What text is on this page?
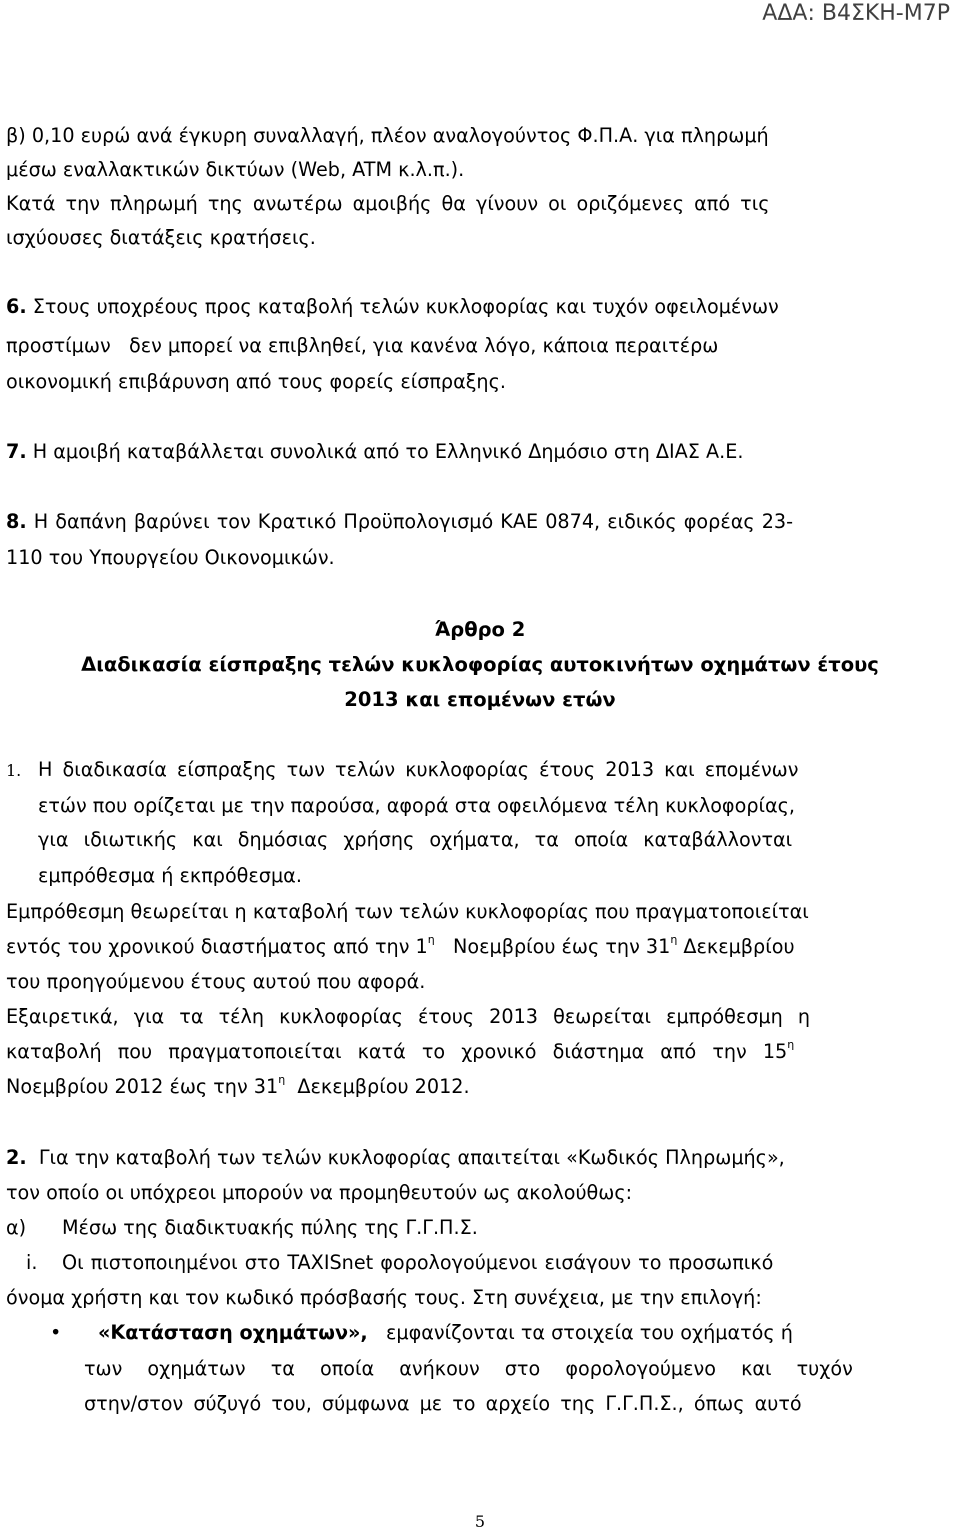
ΑΔΑ: Β4ΣΚΗ-Μ7Ρ
β) 0,10 ευρώ ανά έγκυρη συναλλαγή, πλέον αναλογούντος Φ.Π.Α. για πληρωμή
μέσω εναλλακτικών δικτύων (Web, ATM κ.λ.π.).
Κατά την πληρωμή της ανωτέρω αμοιβής θα γίνουν οι οριζόμενες από τις
ισχύουσες διατάξεις κρατήσεις.
6. Στους υποχρέους προς καταβολή τελών κυκλοφορίας και τυχόν οφειλομένων
προστίμων   δεν μπορεί να επιβληθεί, για κανένα λόγο, κάποια περαιτέρω
οικονομική επιβάρυνση από τους φορείς είσπραξης.
7. Η αμοιβή καταβάλλεται συνολικά από το Ελληνικό Δημόσιο στη ΔΙΑΣ Α.Ε.
8. Η δαπάνη βαρύνει τον Κρατικό Προϋπολογισμό ΚΑΕ 0874, ειδικός φορέας 23-
110 του Υπουργείου Οικονομικών.
Άρθρο 2
Διαδικασία είσπραξης τελών κυκλοφορίας αυτοκινήτων οχημάτων έτους
2013 και επομένων ετών
1. Η διαδικασία είσπραξης των τελών κυκλοφορίας έτους 2013 και επομένων
ετών που ορίζεται με την παρούσα, αφορά στα οφειλόμενα τέλη κυκλοφορίας,
για ιδιωτικής και δημόσιας χρήσης οχήματα, τα οποία καταβάλλονται
εμπρόθεσμα ή εκπρόθεσμα.
Εμπρόθεσμη θεωρείται η καταβολή των τελών κυκλοφορίας που πραγματοποιείται
εντός του χρονικού διαστήματος από την $1^\eta$ Νοεμβρίου έως την $31^\eta$ Δεκεμβρίου
του προηγούμενου έτους αυτού που αφορά.
Εξαιρετικά, για τα τέλη κυκλοφορίας έτους 2013 θεωρείται εμπρόθεσμη η
καταβολή που πραγματοποιείται κατά το χρονικό διάστημα από την $15^\eta$
Νοεμβρίου 2012 έως την $31^\eta$ Δεκεμβρίου 2012.
2. Για την καταβολή των τελών κυκλοφορίας απαιτείται «Κωδικός Πληρωμής»,
τον οποίο οι υπόχρεοι μπορούν να προμηθευτούν ως ακολούθως:
α) Μέσω της διαδικτυακής πύλης της Γ.Γ.Π.Σ.
i. Οι πιστοποιημένοι στο TAXISnet φορολογούμενοι εισάγουν το προσωπικό
όνομα χρήστη και τον κωδικό πρόσβασής τους. Στη συνέχεια, με την επιλογή:
• «Κατάσταση οχημάτων», εμφανίζονται τα στοιχεία του οχήματός ή
των οχημάτων τα οποία ανήκουν στο φορολογούμενο και τυχόν
στην/στον σύζυγό του, σύμφωνα με το αρχείο της Γ.Γ.Π.Σ., όπως αυτό
5
